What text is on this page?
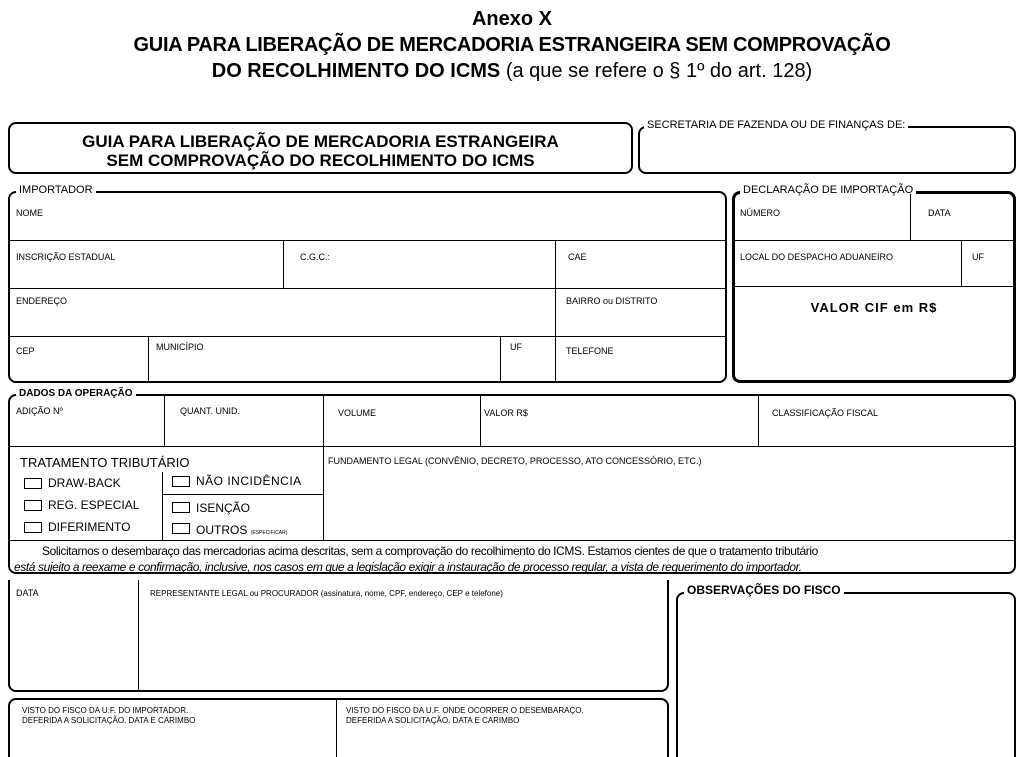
Anexo X
GUIA PARA LIBERAÇÃO DE MERCADORIA ESTRANGEIRA SEM COMPROVAÇÃO
DO RECOLHIMENTO DO ICMS (a que se refere o § 1º do art. 128)
GUIA PARA LIBERAÇÃO DE MERCADORIA ESTRANGEIRA
SEM COMPROVAÇÃO DO RECOLHIMENTO DO ICMS
SECRETARIA DE FAZENDA OU DE FINANÇAS DE:
IMPORTADOR
NOME
INSCRIÇÃO ESTADUAL	C.G.C.:	CAE
ENDEREÇO	BAIRRO ou DISTRITO
CEP	MUNICÍPIO	UF	TELEFONE
DECLARAÇÃO DE IMPORTAÇÃO
NÚMERO	DATA
LOCAL DO DESPACHO ADUANEIRO	UF
VALOR CIF em R$
DADOS DA OPERAÇÃO
ADIÇÃO Nº	QUANT. UNID.	VOLUME	VALOR R$	CLASSIFICAÇÃO FISCAL
TRATAMENTO TRIBUTÁRIO	FUNDAMENTO LEGAL (CONVÊNIO, DECRETO, PROCESSO, ATO CONCESSÓRIO, ETC.)
DRAW-BACK
REG. ESPECIAL
DIFERIMENTO
NÃO INCIDÊNCIA
ISENÇÃO
OUTROS (ESPECIFICAR)
Solicitamos o desembaraço das mercadorias acima descritas, sem a comprovação do recolhimento do ICMS. Estamos cientes de que o tratamento tributário
está sujeito a reexame e confirmação, inclusive, nos casos em que a legislação exigir a instauração de processo regular, a vista de requerimento do importador.
DATA	REPRESENTANTE LEGAL ou PROCURADOR (assinatura, nome, CPF, endereço, CEP e telefone)	OBSERVAÇÕES DO FISCO
VISTO DO FISCO DA U.F. DO IMPORTADOR.
DEFERIDA A SOLICITAÇÃO. DATA E CARIMBO
VISTO DO FISCO DA U.F. ONDE OCORRER O DESEMBARAÇO.
DEFERIDA A SOLICITAÇÃO. DATA E CARIMBO
